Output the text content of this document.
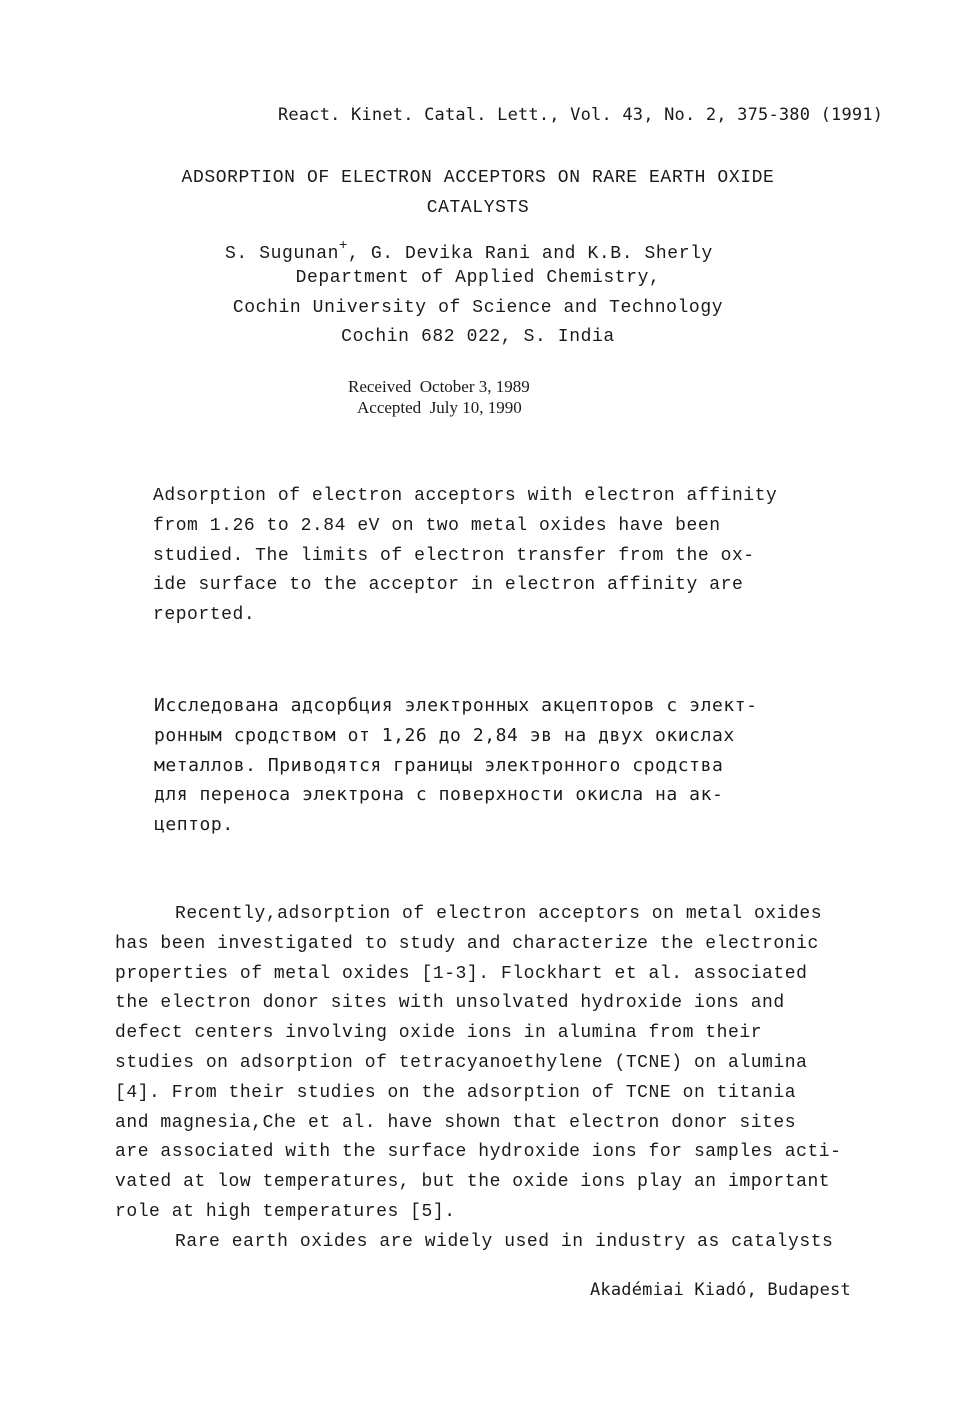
React. Kinet. Catal. Lett., Vol. 43, No. 2, 375-380 (1991)
ADSORPTION OF ELECTRON ACCEPTORS ON RARE EARTH OXIDE
CATALYSTS
S. Sugunan+, G. Devika Rani and K.B. Sherly
Department of Applied Chemistry,
Cochin University of Science and Technology
Cochin 682 022, S. India
Received October 3, 1989
Accepted July 10, 1990
Adsorption of electron acceptors with electron affinity
from 1.26 to 2.84 eV on two metal oxides have been
studied. The limits of electron transfer from the ox-
ide surface to the acceptor in electron affinity are
reported.
Исследована адсорбция электронных акцепторов с элект-
ронным сродством от 1,26 до 2,84 эв на двух окислах
металлов. Приводятся границы электронного сродства
для переноса электрона с поверхности окисла на ак-
цептор.
Recently,adsorption of electron acceptors on metal oxides
has been investigated to study and characterize the electronic
properties of metal oxides [1-3]. Flockhart et al. associated
the electron donor sites with unsolvated hydroxide ions and
defect centers involving oxide ions in alumina from their
studies on adsorption of tetracyanoethylene (TCNE) on alumina
[4]. From their studies on the adsorption of TCNE on titania
and magnesia,Che et al. have shown that electron donor sites
are associated with the surface hydroxide ions for samples acti-
vated at low temperatures, but the oxide ions play an important
role at high temperatures [5].
Rare earth oxides are widely used in industry as catalysts
Akadémiai Kiadó, Budapest
